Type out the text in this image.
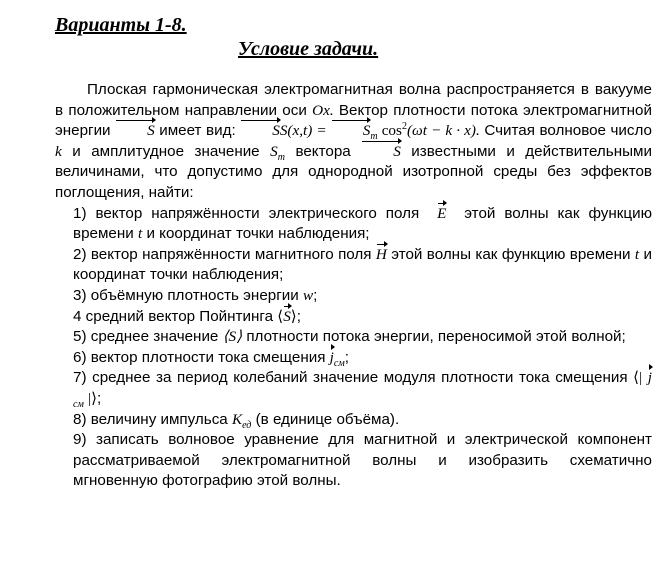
Варианты 1-8.
Условие задачи.

Плоская гармоническая электромагнитная волна распространяется в вакууме в положительном направлении оси Ox. Вектор плотности потока электромагнитной энергии S имеет вид: $SS(x,t) = S_m$ $\cos^2(\omega t - k \cdot x)$. Считая волновое число k и амплитудное значение $S_m$ вектора	S известными и действительными величинами, что допустимо для однородной изотропной среды без эффектов поглощения, найти:

1) вектор напряжённости электрического поля E этой волны как функцию времени t и координат точки наблюдения;

2) вектор напряжённости магнитного поля H этой волны как функцию времени t и координат точки наблюдения;

3) объёмную плотность энергии w;

4 средний вектор Пойнтинга ⟨S⟩;

5) среднее значение ⟨S⟩ плотности потока энергии, переносимой этой волной;

6) вектор плотности тока смещения $j_{см}$;

7) среднее за период колебаний значение модуля плотности тока смещения ⟨| $j_{см}$ |⟩;

8) величину импульса $K_{ед}$ (в единице объёма).

9) записать волновое уравнение для магнитной и электрической компонент рассматриваемой электромагнитной волны и изобразить схематично мгновенную фотографию этой волны.
